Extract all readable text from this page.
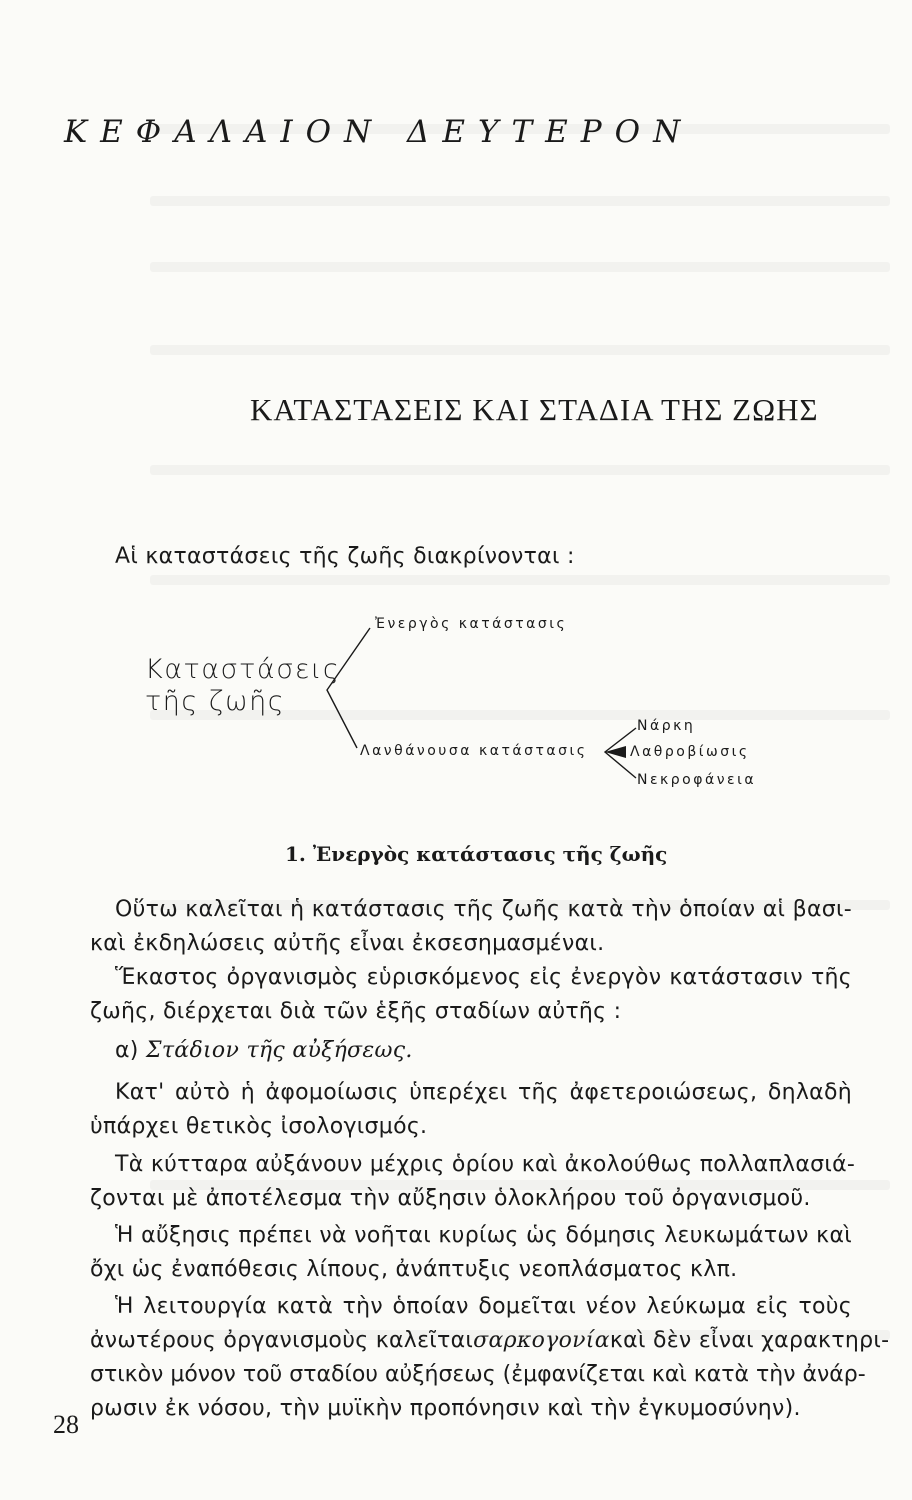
ΚΕΦΑΛΑΙΟΝ ΔΕΥΤΕΡΟΝ
ΚΑΤΑΣΤΑΣΕΙΣ ΚΑΙ ΣΤΑΔΙΑ ΤΗΣ ΖΩΗΣ
Αἱ καταστάσεις τῆς ζωῆς διακρίνονται :
Καταστάσεις
τῆς ζωῆς
Ἐνεργὸς κατάστασις
Λανθάνουσα κατάστασις
Νάρκη
Λαθροβίωσις
Νεκροφάνεια
1. Ἐνεργὸς κατάστασις τῆς ζωῆς
Οὕτω καλεῖται ἡ κατάστασις τῆς ζωῆς κατὰ τὴν ὁποίαν αἱ βασι-
καὶ ἐκδηλώσεις αὐτῆς εἶναι ἐκσεσημασμέναι.
Ἕκαστος ὀργανισμὸς εὑρισκόμενος εἰς ἐνεργὸν κατάστασιν τῆς
ζωῆς, διέρχεται διὰ τῶν ἑξῆς σταδίων αὐτῆς :
α) Στάδιον τῆς αὐξήσεως.
Κατ' αὐτὸ ἡ ἀφομοίωσις ὑπερέχει τῆς ἀφετεροιώσεως, δηλαδὴ
ὑπάρχει θετικὸς ἰσολογισμός.
Τὰ κύτταρα αὐξάνουν μέχρις ὁρίου καὶ ἀκολούθως πολλαπλασιά-
ζονται μὲ ἀποτέλεσμα τὴν αὔξησιν ὁλοκλήρου τοῦ ὀργανισμοῦ.
Ἡ αὔξησις πρέπει νὰ νοῆται κυρίως ὡς δόμησις λευκωμάτων καὶ
ὄχι ὡς ἐναπόθεσις λίπους, ἀνάπτυξις νεοπλάσματος κλπ.
Ἡ λειτουργία κατὰ τὴν ὁποίαν δομεῖται νέον λεύκωμα εἰς τοὺς
ἀνωτέρους ὀργανισμοὺς καλεῖται σαρκογονία καὶ δὲν εἶναι χαρακτηρι-
στικὸν μόνον τοῦ σταδίου αὐξήσεως (ἐμφανίζεται καὶ κατὰ τὴν ἀνάρ-
ρωσιν ἐκ νόσου, τὴν μυϊκὴν προπόνησιν καὶ τὴν ἐγκυμοσύνην).
28
